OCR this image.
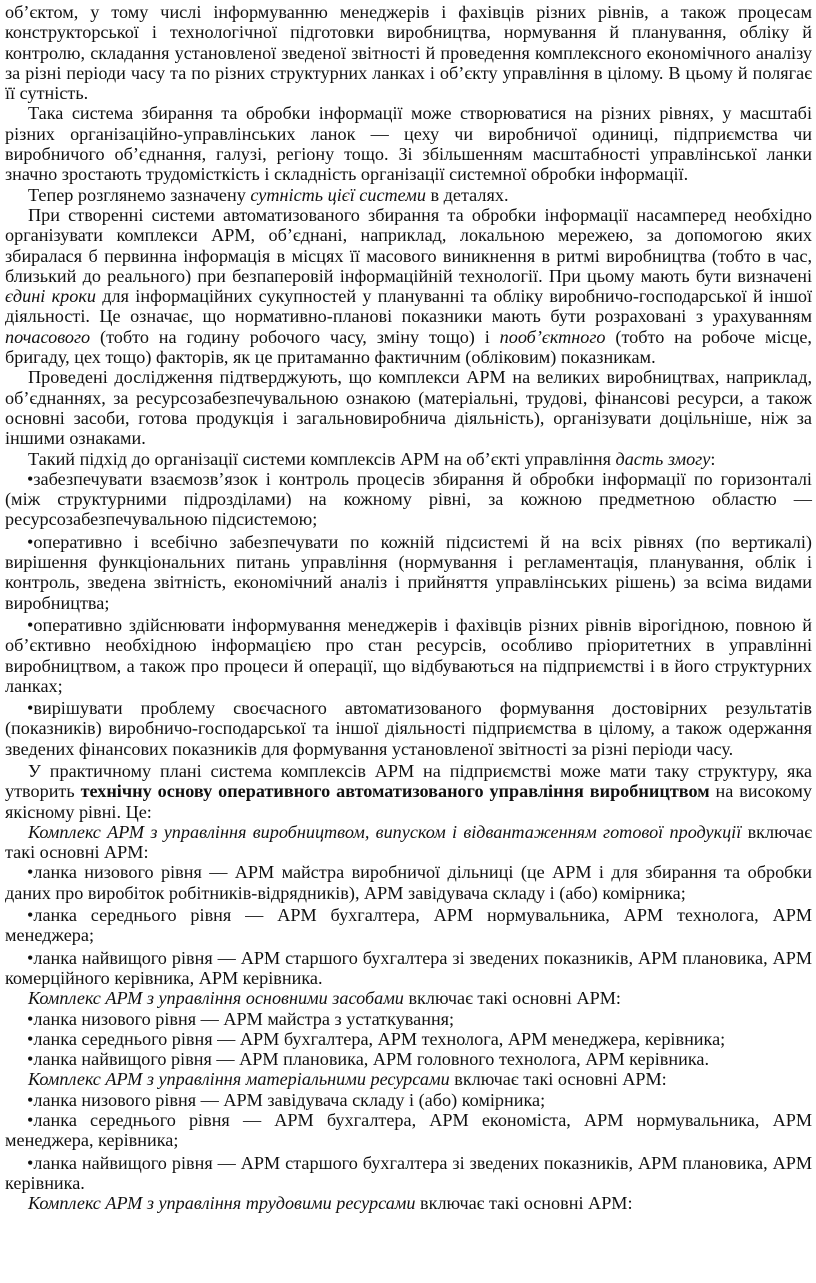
об’єктом, у тому числі інформуванню менеджерів і фахівців різних рівнів, а також процесам конструкторської і технологічної підготовки виробництва, нормування й планування, обліку й контролю, складання установленої зведеної звітності й проведення комплексного економічного аналізу за різні періоди часу та по різних структурних ланках і об’єкту управління в цілому. В цьому й полягає її сутність.

Така система збирання та обробки інформації може створюватися на різних рівнях, у масштабі різних організаційно-управлінських ланок — цеху чи виробничої одиниці, підприємства чи виробничого об’єднання, галузі, регіону тощо. Зі збільшенням масштабності управлінської ланки значно зростають трудомісткість і складність організації системної обробки інформації.

Тепер розглянемо зазначену сутність цієї системи в деталях.

При створенні системи автоматизованого збирання та обробки інформації насамперед необхідно організувати комплекси АРМ, об’єднані, наприклад, локальною мережею, за допомогою яких збиралася б первинна інформація в місцях її масового виникнення в ритмі виробництва (тобто в час, близький до реального) при безпаперовій інформаційній технології. При цьому мають бути визначені єдині кроки для інформаційних сукупностей у плануванні та обліку виробничо-господарської й іншої діяльності. Це означає, що нормативно-планові показники мають бути розраховані з урахуванням почасового (тобто на годину робочого часу, зміну тощо) і пооб’єктного (тобто на робоче місце, бригаду, цех тощо) факторів, як це притаманно фактичним (обліковим) показникам.

Проведені дослідження підтверджують, що комплекси АРМ на великих виробництвах, наприклад, об’єднаннях, за ресурсозабезпечувальною ознакою (матеріальні, трудові, фінансові ресурси, а також основні засоби, готова продукція і загальновиробнича діяльність), організувати доцільніше, ніж за іншими ознаками.

Такий підхід до організації системи комплексів АРМ на об’єкті управління дасть змогу:

•забезпечувати взаємозв’язок і контроль процесів збирання й обробки інформації по горизонталі (між структурними підрозділами) на кожному рівні, за кожною предметною областю — ресурсозабезпечувальною підсистемою;

•оперативно і всебічно забезпечувати по кожній підсистемі й на всіх рівнях (по вертикалі) вирішення функціональних питань управління (нормування і регламентація, планування, облік і контроль, зведена звітність, економічний аналіз і прийняття управлінських рішень) за всіма видами виробництва;

•оперативно здійснювати інформування менеджерів і фахівців різних рівнів вірогідною, повною й об’єктивно необхідною інформацією про стан ресурсів, особливо пріоритетних в управлінні виробництвом, а також про процеси й операції, що відбуваються на підприємстві і в його структурних ланках;

•вирішувати проблему своєчасного автоматизованого формування достовірних результатів (показників) виробничо-господарської та іншої діяльності підприємства в цілому, а також одержання зведених фінансових показників для формування установленої звітності за різні періоди часу.

У практичному плані система комплексів АРМ на підприємстві може мати таку структуру, яка утворить технічну основу оперативного автоматизованого управління виробництвом на високому якісному рівні. Це:

Комплекс АРМ з управління виробництвом, випуском і відвантаженням готової продукції включає такі основні АРМ:

•ланка низового рівня — АРМ майстра виробничої дільниці (це АРМ і для збирання та обробки даних про виробіток робітників-відрядників), АРМ завідувача складу і (або) комірника;

•ланка середнього рівня — АРМ бухгалтера, АРМ нормувальника, АРМ технолога, АРМ менеджера;

•ланка найвищого рівня — АРМ старшого бухгалтера зі зведених показників, АРМ плановика, АРМ комерційного керівника, АРМ керівника.

Комплекс АРМ з управління основними засобами включає такі основні АРМ:

•ланка низового рівня — АРМ майстра з устаткування;

•ланка середнього рівня — АРМ бухгалтера, АРМ технолога, АРМ менеджера, керівника;

•ланка найвищого рівня — АРМ плановика, АРМ головного технолога, АРМ керівника.

Комплекс АРМ з управління матеріальними ресурсами включає такі основні АРМ:

•ланка низового рівня — АРМ завідувача складу і (або) комірника;

•ланка середнього рівня — АРМ бухгалтера, АРМ економіста, АРМ нормувальника, АРМ менеджера, керівника;

•ланка найвищого рівня — АРМ старшого бухгалтера зі зведених показників, АРМ плановика, АРМ керівника.

Комплекс АРМ з управління трудовими ресурсами включає такі основні АРМ:
